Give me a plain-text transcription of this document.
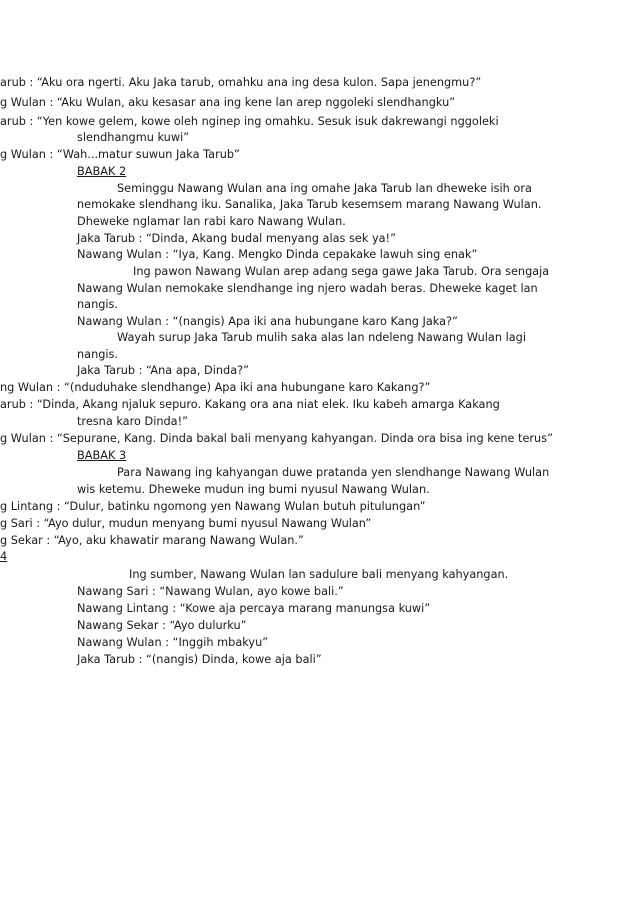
arub : “Aku ora ngerti. Aku Jaka tarub, omahku ana ing desa kulon. Sapa jenengmu?”
g Wulan : “Aku Wulan, aku kesasar ana ing kene lan arep nggoleki slendhangku”
arub : “Yen kowe gelem, kowe oleh nginep ing omahku. Sesuk isuk dakrewangi nggoleki
slendhangmu kuwi”
g Wulan : “Wah...matur suwun Jaka Tarub”
BABAK 2
Seminggu Nawang Wulan ana ing omahe Jaka Tarub lan dheweke isih ora
nemokake slendhang iku. Sanalika, Jaka Tarub kesemsem marang Nawang Wulan.
Dheweke nglamar lan rabi karo Nawang Wulan.
Jaka Tarub : “Dinda, Akang budal menyang alas sek ya!”
Nawang Wulan : “Iya, Kang. Mengko Dinda cepakake lawuh sing enak”
Ing pawon Nawang Wulan arep adang sega gawe Jaka Tarub. Ora sengaja
Nawang Wulan nemokake slendhange ing njero wadah beras. Dheweke kaget lan
nangis.
Nawang Wulan : “(nangis) Apa iki ana hubungane karo Kang Jaka?”
Wayah surup Jaka Tarub mulih saka alas lan ndeleng Nawang Wulan lagi
nangis.
Jaka Tarub : “Ana apa, Dinda?”
ng Wulan : “(nduduhake slendhange) Apa iki ana hubungane karo Kakang?”
arub : “Dinda, Akang njaluk sepuro. Kakang ora ana niat elek. Iku kabeh amarga Kakang
tresna karo Dinda!”
g Wulan : “Sepurane, Kang. Dinda bakal bali menyang kahyangan. Dinda ora bisa ing kene terus”
BABAK 3
Para Nawang ing kahyangan duwe pratanda yen slendhange Nawang Wulan
wis ketemu. Dheweke mudun ing bumi nyusul Nawang Wulan.
g Lintang : “Dulur, batinku ngomong yen Nawang Wulan butuh pitulungan”
g Sari : “Ayo dulur, mudun menyang bumi nyusul Nawang Wulan”
g Sekar : “Ayo, aku khawatir marang Nawang Wulan.”
4
Ing sumber, Nawang Wulan lan sadulure bali menyang kahyangan.
Nawang Sari : “Nawang Wulan, ayo kowe bali.”
Nawang Lintang : “Kowe aja percaya marang manungsa kuwi”
Nawang Sekar : “Ayo dulurku”
Nawang Wulan : “Inggih mbakyu”
Jaka Tarub : “(nangis) Dinda, kowe aja bali”
